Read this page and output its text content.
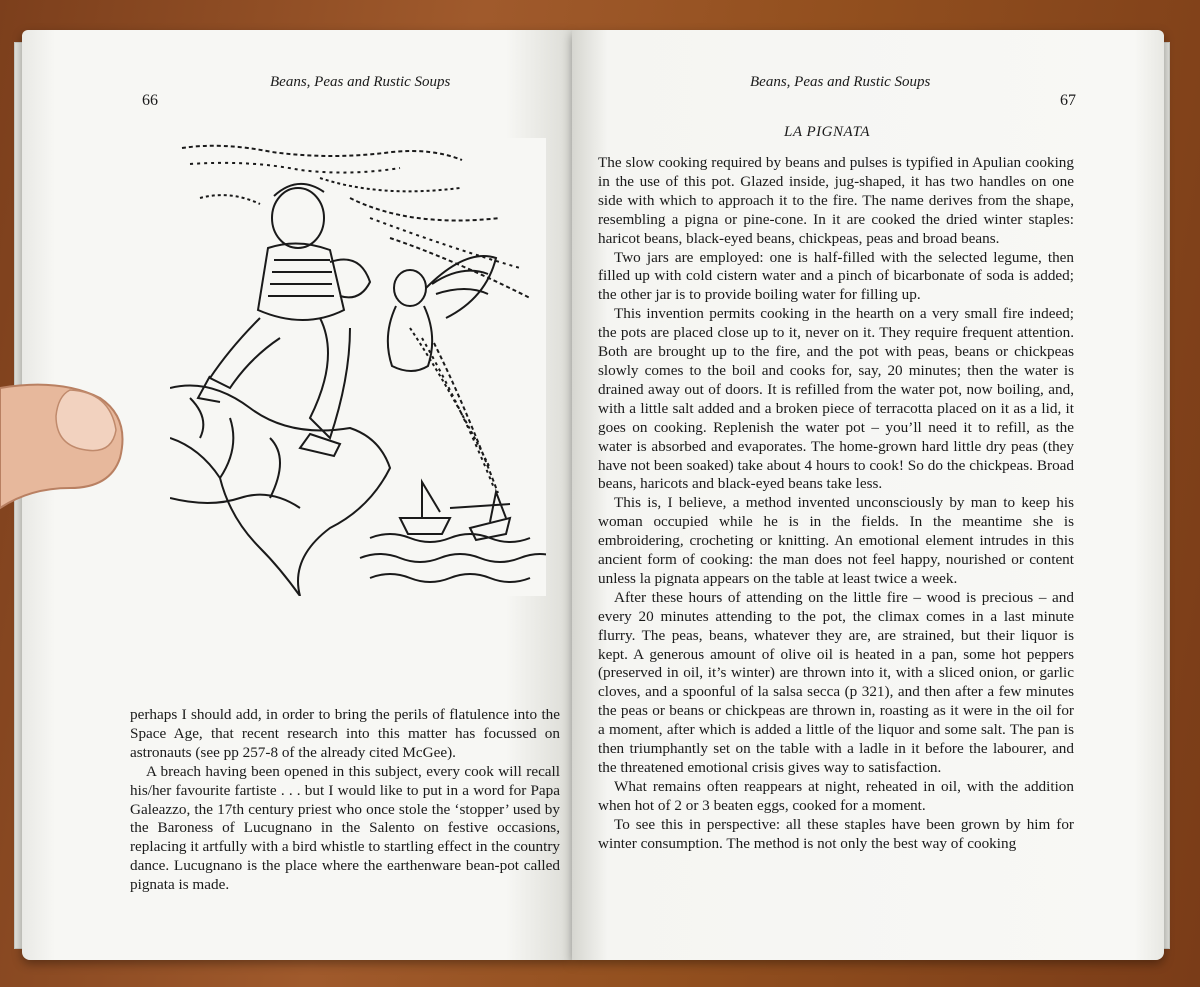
66
Beans, Peas and Rustic Soups

perhaps I should add, in order to bring the perils of flatulence into the Space Age, that recent research into this matter has focussed on astronauts (see pp 257-8 of the already cited McGee).

A breach having been opened in this subject, every cook will recall his/her favourite fartiste . . . but I would like to put in a word for Papa Galeazzo, the 17th century priest who once stole the ‘stopper’ used by the Baroness of Lucugnano in the Salento on festive occasions, replacing it artfully with a bird whistle to startling effect in the country dance. Lucugnano is the place where the earthenware bean-pot called pignata is made.

Beans, Peas and Rustic Soups
67
LA PIGNATA

The slow cooking required by beans and pulses is typified in Apulian cooking in the use of this pot. Glazed inside, jug-shaped, it has two handles on one side with which to approach it to the fire. The name derives from the shape, resembling a pigna or pine-cone. In it are cooked the dried winter staples: haricot beans, black-eyed beans, chickpeas, peas and broad beans.

Two jars are employed: one is half-filled with the selected legume, then filled up with cold cistern water and a pinch of bicarbonate of soda is added; the other jar is to provide boiling water for filling up.

This invention permits cooking in the hearth on a very small fire indeed; the pots are placed close up to it, never on it. They require frequent attention. Both are brought up to the fire, and the pot with peas, beans or chickpeas slowly comes to the boil and cooks for, say, 20 minutes; then the water is drained away out of doors. It is refilled from the water pot, now boiling, and, with a little salt added and a broken piece of terracotta placed on it as a lid, it goes on cooking. Replenish the water pot – you’ll need it to refill, as the water is absorbed and evaporates. The home-grown hard little dry peas (they have not been soaked) take about 4 hours to cook! So do the chickpeas. Broad beans, haricots and black-eyed beans take less.

This is, I believe, a method invented unconsciously by man to keep his woman occupied while he is in the fields. In the meantime she is embroidering, crocheting or knitting. An emotional element intrudes in this ancient form of cooking: the man does not feel happy, nourished or content unless la pignata appears on the table at least twice a week.

After these hours of attending on the little fire – wood is precious – and every 20 minutes attending to the pot, the climax comes in a last minute flurry. The peas, beans, whatever they are, are strained, but their liquor is kept. A generous amount of olive oil is heated in a pan, some hot peppers (preserved in oil, it’s winter) are thrown into it, with a sliced onion, or garlic cloves, and a spoonful of la salsa secca (p 321), and then after a few minutes the peas or beans or chickpeas are thrown in, roasting as it were in the oil for a moment, after which is added a little of the liquor and some salt. The pan is then triumphantly set on the table with a ladle in it before the labourer, and the threatened emotional crisis gives way to satisfaction.

What remains often reappears at night, reheated in oil, with the addition when hot of 2 or 3 beaten eggs, cooked for a moment.

To see this in perspective: all these staples have been grown by him for winter consumption. The method is not only the best way of cooking
